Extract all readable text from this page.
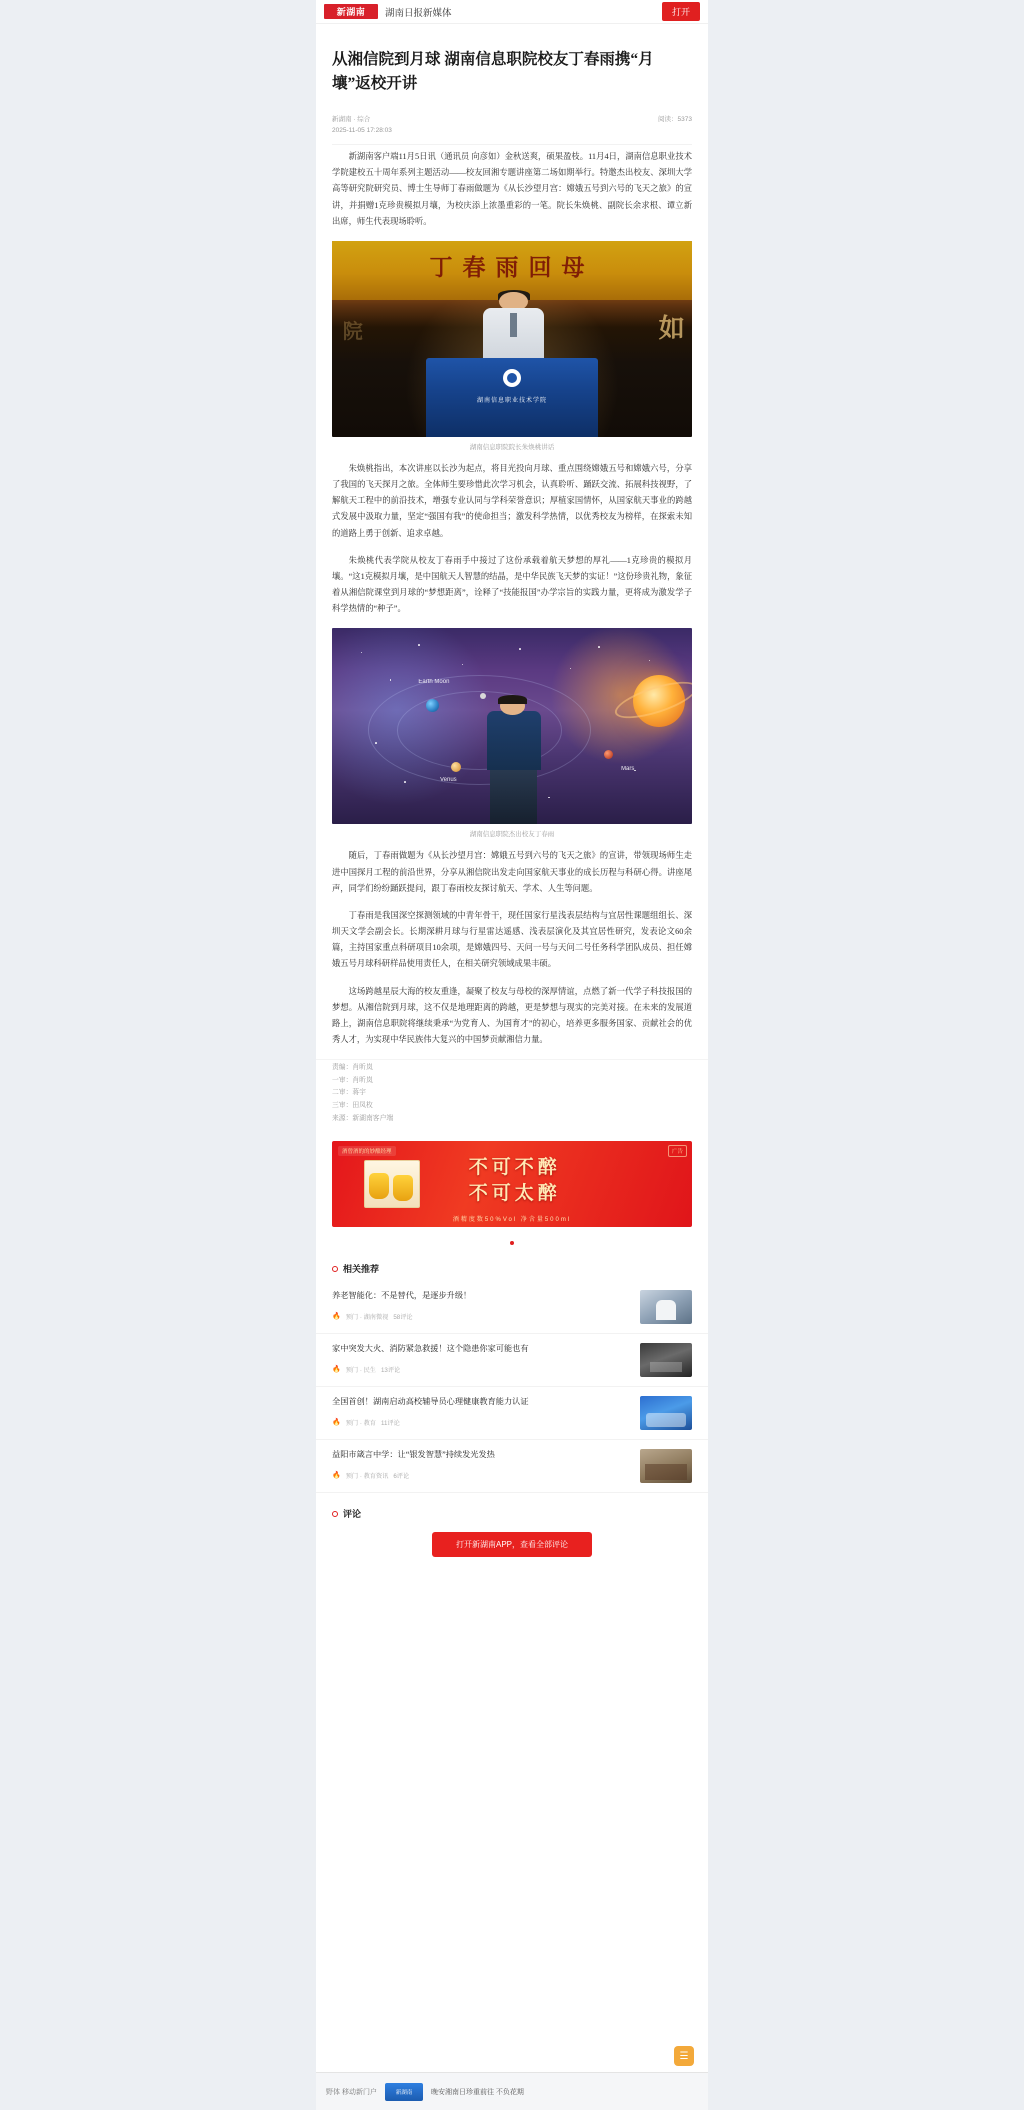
新湖南	湖南日报新媒体	打开
从湘信院到月球 湖南信息职院校友丁春雨携“月壤”返校开讲
新湖南 · 综合
2025-11-05 17:28:03
阅读：5373

新湖南客户端11月5日讯（通讯员 向彦如）金秋送爽，硕果盈枝。11月4日，湖南信息职业技术学院建校五十周年系列主题活动——校友回湘专题讲座第二场如期举行。特邀杰出校友、深圳大学高等研究院研究员、博士生导师丁春雨做题为《从长沙望月宫：嫦娥五号到六号的飞天之旅》的宣讲，并捐赠1克珍贵模拟月壤，为校庆添上浓墨重彩的一笔。院长朱焕桃、副院长余求根、谭立新出席，师生代表现场聆听。

丁春雨回母
如
院
湖南信息职业技术学院
湖南信息职院院长朱焕桃讲话

朱焕桃指出，本次讲座以长沙为起点，将目光投向月球、重点围绕嫦娥五号和嫦娥六号，分享了我国的飞天探月之旅。全体师生要珍惜此次学习机会，认真聆听、踊跃交流、拓展科技视野，了解航天工程中的前沿技术，增强专业认同与学科荣誉意识；厚植家国情怀，从国家航天事业的跨越式发展中汲取力量，坚定“强国有我”的使命担当；激发科学热情，以优秀校友为榜样，在探索未知的道路上勇于创新、追求卓越。

朱焕桃代表学院从校友丁春雨手中接过了这份承载着航天梦想的厚礼——1克珍贵的模拟月壤。“这1克模拟月壤，是中国航天人智慧的结晶，是中华民族飞天梦的实证！”这份珍贵礼物，象征着从湘信院课堂到月球的“梦想距离”，诠释了“技能报国”办学宗旨的实践力量，更将成为激发学子科学热情的“种子”。

Earth Moon
Venus
Mars
湖南信息职院杰出校友丁春雨

随后，丁春雨做题为《从长沙望月宫：嫦娥五号到六号的飞天之旅》的宣讲，带领现场师生走进中国探月工程的前沿世界，分享从湘信院出发走向国家航天事业的成长历程与科研心得。讲座尾声，同学们纷纷踊跃提问，跟丁春雨校友探讨航天、学术、人生等问题。

丁春雨是我国深空探测领域的中青年骨干，现任国家行星浅表层结构与宜居性课题组组长、深圳天文学会副会长。长期深耕月球与行星雷达遥感、浅表层演化及其宜居性研究，发表论文60余篇，主持国家重点科研项目10余项，是嫦娥四号、天问一号与天问二号任务科学团队成员、担任嫦娥五号月球科研样品使用责任人，在相关研究领域成果丰硕。

这场跨越星辰大海的校友重逢，凝聚了校友与母校的深厚情谊，点燃了新一代学子科技报国的梦想。从湘信院到月球，这不仅是地理距离的跨越，更是梦想与现实的完美对接。在未来的发展道路上，湖南信息职院将继续秉承“为党育人、为国育才”的初心，培养更多服务国家、贡献社会的优秀人才，为实现中华民族伟大复兴的中国梦贡献湘信力量。

责编：肖昕岚
一审：肖昕岚
二审：蒋宇
三审：田凤枚
来源：新湖南客户端
酒曾酒的的妙酿经理	广告
不可不醉
不可太醉
酒精度数50%Vol 净含量500ml
相关推荐
养老智能化：不是替代，是逐步升级！
🔥 预门 · 湖南微视 58评论
家中突发大火、消防紧急救援！这个隐患你家可能也有
🔥 预门 · 民生 13评论
全国首创！湖南启动高校辅导员心理健康教育能力认证
🔥 预门 · 教育 11评论
益阳市箴言中学：让“银发智慧”持续发光发热
🔥 预门 · 教育资讯 6评论
评论
打开新湖南APP，查看全部评论
☰
野体 移动新门户	新湖南	晚安湘南日珍重前往 不负花期
